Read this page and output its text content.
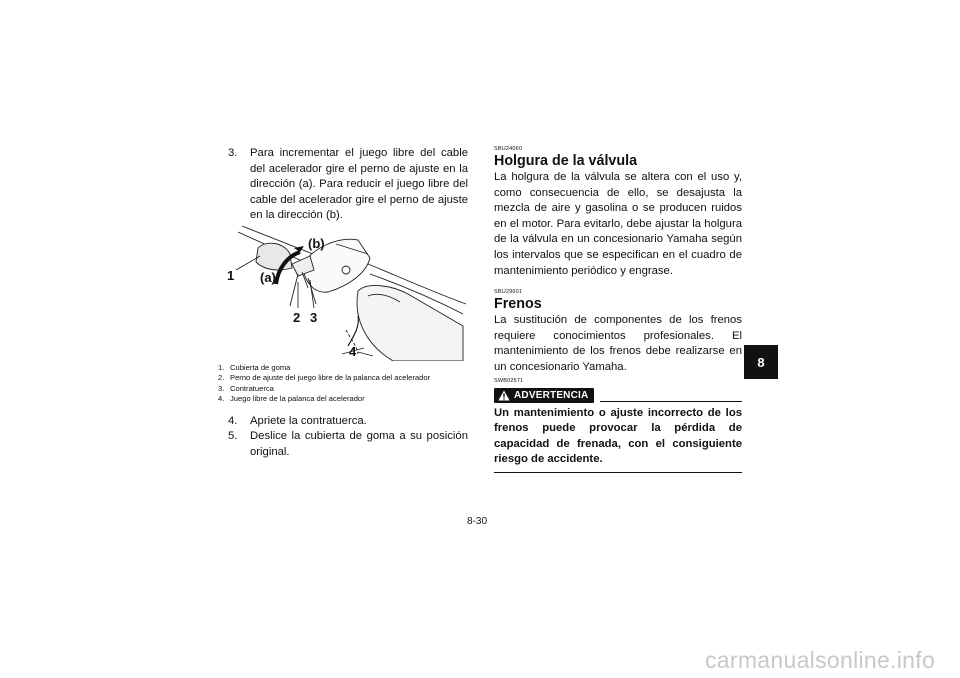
3.	Para incrementar el juego libre del cable del acelerador gire el perno de ajuste en la dirección (a). Para reducir el juego libre del cable del acelerador gire el perno de ajuste en la dirección (b).
1 (a)
(b)
2 3
4
1. Cubierta de goma
2. Perno de ajuste del juego libre de la palanca del acelerador
3. Contratuerca
4. Juego libre de la palanca del acelerador
4.	Apriete la contratuerca.
5.	Deslice la cubierta de goma a su posición original.
SBU24060
Holgura de la válvula
La holgura de la válvula se altera con el uso y, como consecuencia de ello, se desajusta la mezcla de aire y gasolina o se producen ruidos en el motor. Para evitarlo, debe ajustar la holgura de la válvula en un concesionario Yamaha según los intervalos que se especifican en el cuadro de mantenimiento periódico y engrase.
SBU29601
Frenos
La sustitución de componentes de los frenos requiere conocimientos profesionales. El mantenimiento de los frenos debe realizarse en un concesionario Yamaha.
SWB02571
ADVERTENCIA
Un mantenimiento o ajuste incorrecto de los frenos puede provocar la pérdida de capacidad de frenada, con el consiguiente riesgo de accidente.
8
8-30
carmanualsonline.info
